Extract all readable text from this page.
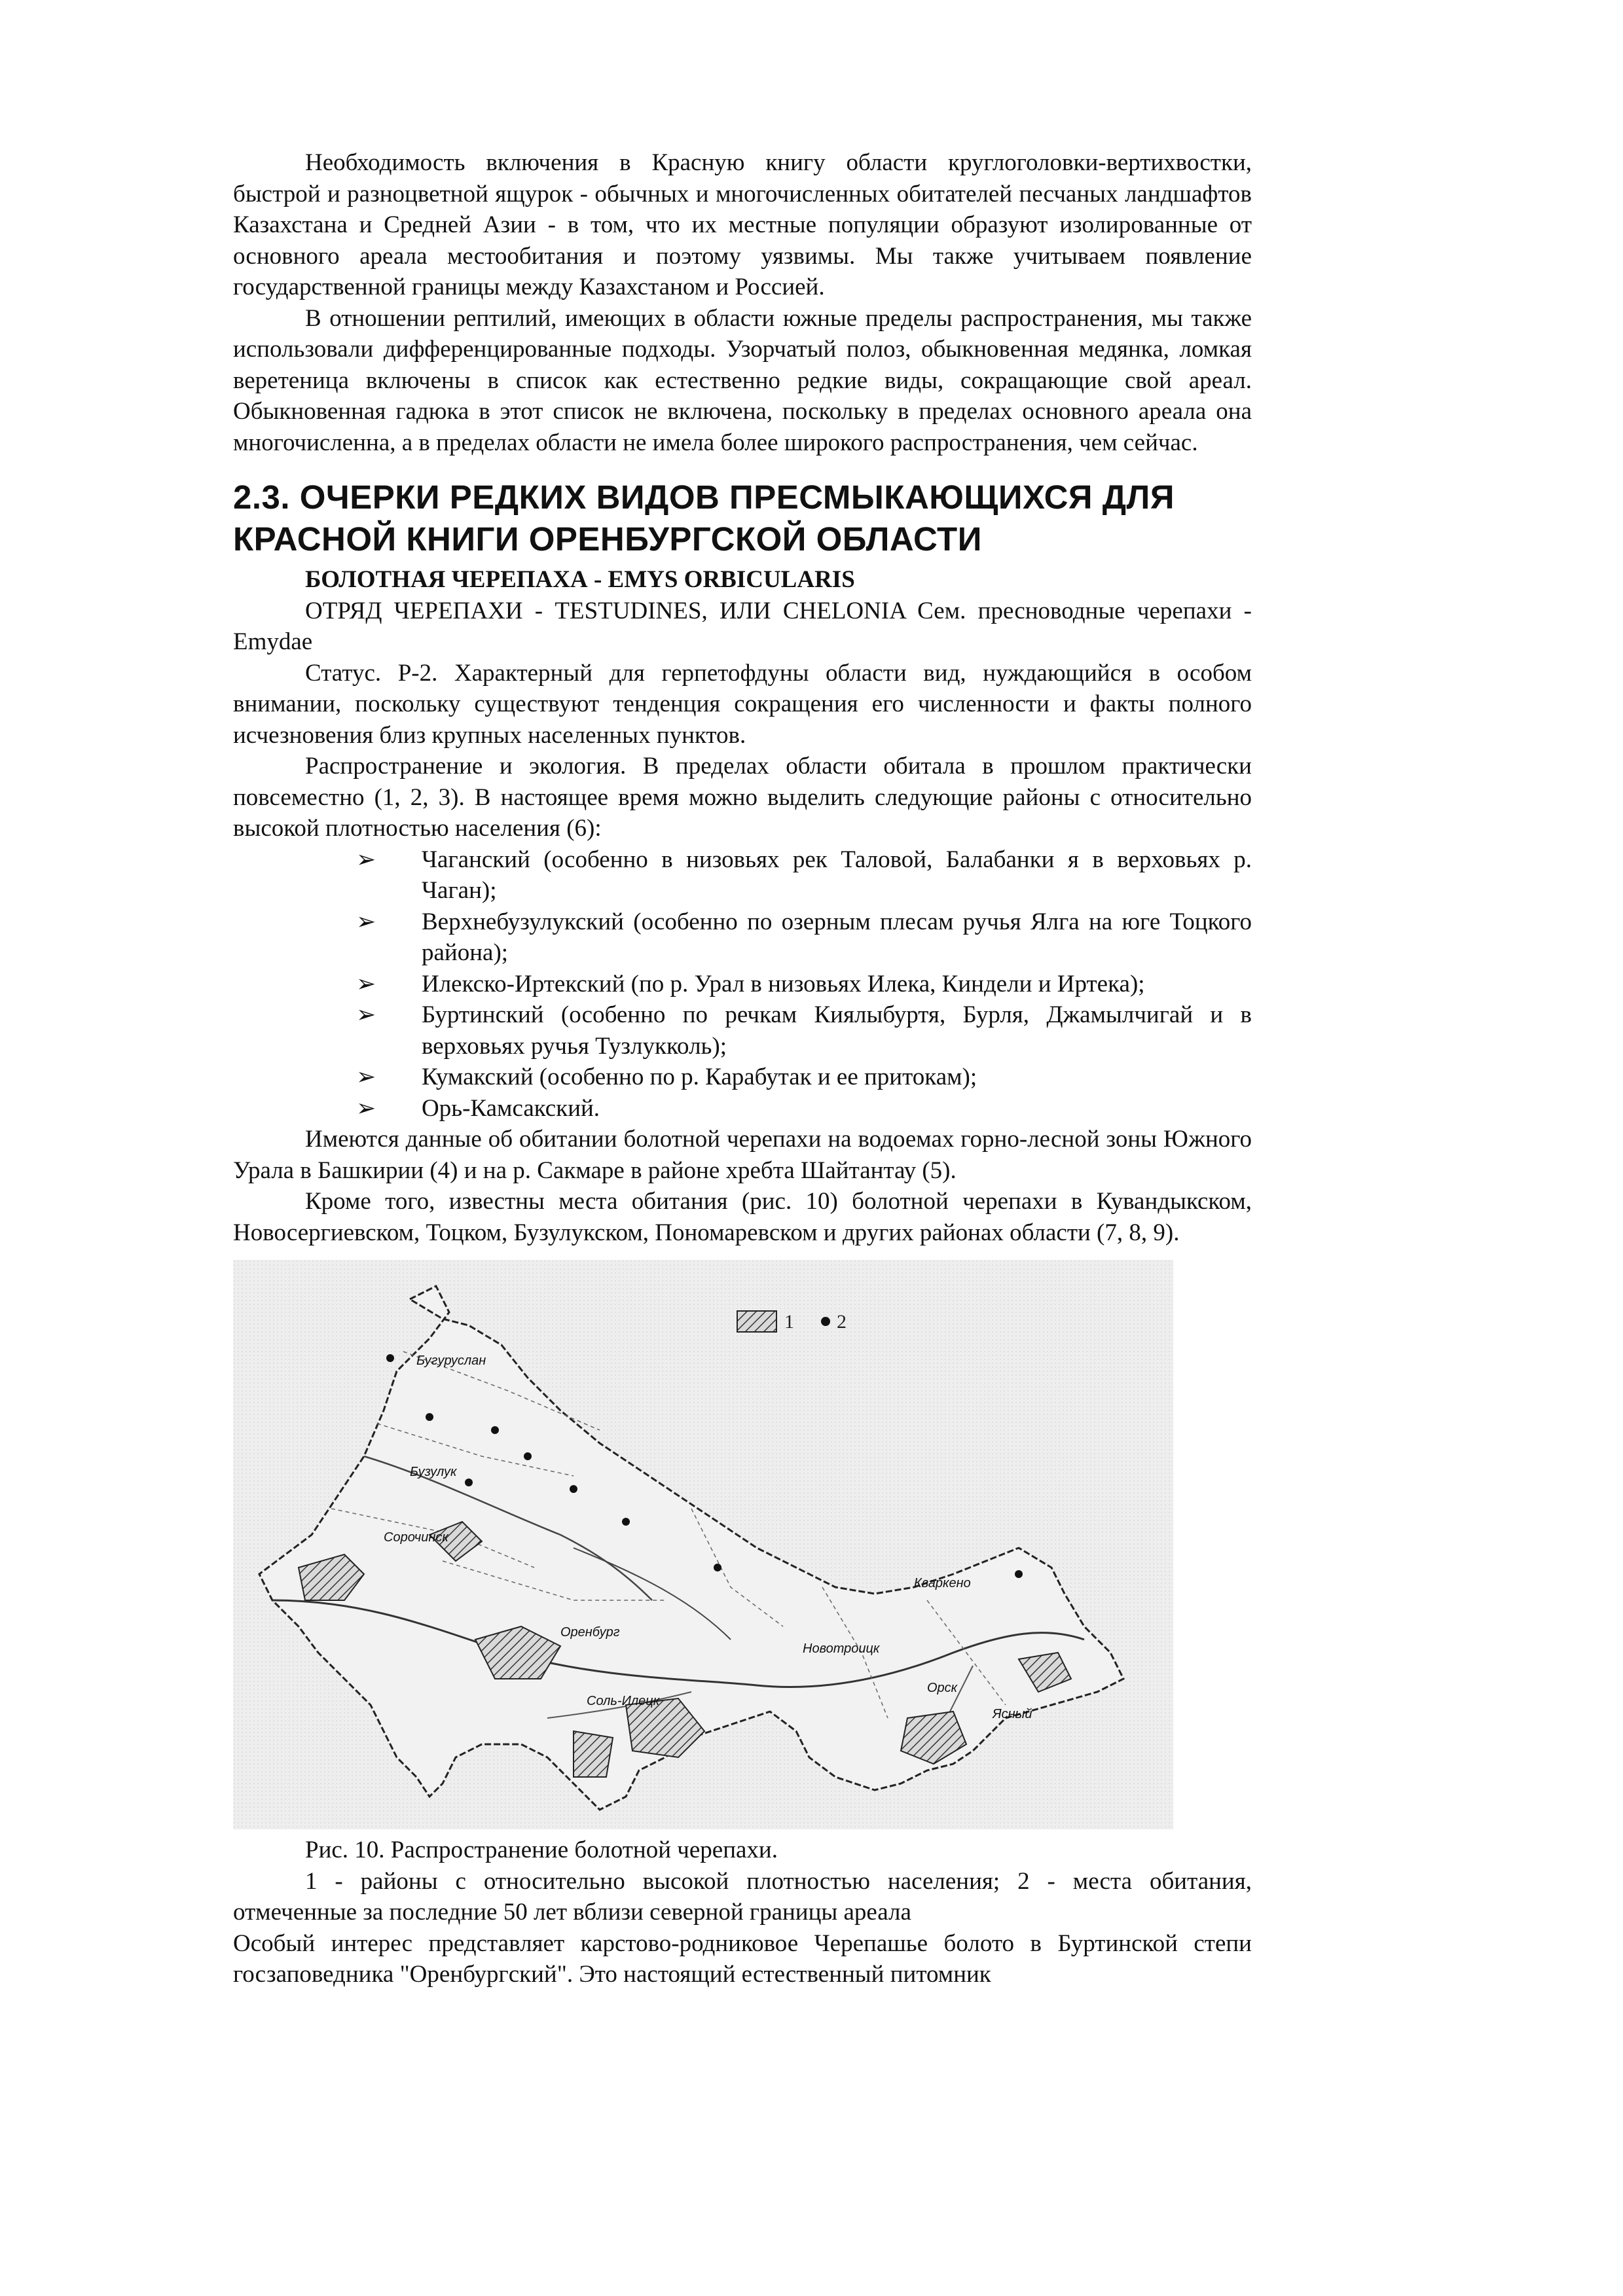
Необходимость включения в Красную книгу области круглоголовки-вертихвостки, быстрой и разноцветной ящурок - обычных и многочисленных обитателей песчаных ландшафтов Казахстана и Средней Азии - в том, что их местные популяции образуют изолированные от основного ареала местообитания и поэтому уязвимы. Мы также учитываем появление государственной границы между Казахстаном и Россией.

В отношении рептилий, имеющих в области южные пределы распространения, мы также использовали дифференцированные подходы. Узорчатый полоз, обыкновенная медянка, ломкая веретеница включены в список как естественно редкие виды, сокращающие свой ареал. Обыкновенная гадюка в этот список не включена, поскольку в пределах основного ареала она многочисленна, а в пределах области не имела более широкого распространения, чем сейчас.

2.3. ОЧЕРКИ РЕДКИХ ВИДОВ ПРЕСМЫКАЮЩИХСЯ ДЛЯ КРАСНОЙ КНИГИ ОРЕНБУРГСКОЙ ОБЛАСТИ

БОЛОТНАЯ ЧЕРЕПАХА - EMYS ORBICULARIS

ОТРЯД ЧЕРЕПАХИ - TESTUDINES, ИЛИ CHELONIA Сем. пресноводные черепахи - Emydae

Статус. Р-2. Характерный для герпетофдуны области вид, нуждающийся в особом внимании, поскольку существуют тенденция сокращения его численности и факты полного исчезновения близ крупных населенных пунктов.

Распространение и экология. В пределах области обитала в прошлом практически повсеместно (1, 2, 3). В настоящее время можно выделить следующие районы с относительно высокой плотностью населения (6):

➢ Чаганский (особенно в низовьях рек Таловой, Балабанки я в верховьях р. Чаган);
➢ Верхнебузулукский (особенно по озерным плесам ручья Ялга на юге Тоцкого района);
➢ Илекско-Иртекский (по р. Урал в низовьях Илека, Киндели и Иртека);
➢ Буртинский (особенно по речкам Киялыбуртя, Бурля, Джамылчигай и в верховьях ручья Тузлукколь);
➢ Кумакский (особенно по р. Карабутак и ее притокам);
➢ Орь-Камсакский.

Имеются данные об обитании болотной черепахи на водоемах горно-лесной зоны Южного Урала в Башкирии (4) и на р. Сакмаре в районе хребта Шайтантау (5).

Кроме того, известны места обитания (рис. 10) болотной черепахи в Кувандыкском, Новосергиевском, Тоцком, Бузулукском, Пономаревском и других районах области (7, 8, 9).

1 2
Бугуруслан
Бузулук
Сорочинск
Оренбург
Новотроицк
Кваркено
Соль-Илецк
Орск
Ясный

Рис. 10. Распространение болотной черепахи.

1 - районы с относительно высокой плотностью населения; 2 - места обитания, отмеченные за последние 50 лет вблизи северной границы ареала

Особый интерес представляет карстово-родниковое Черепашье болото в Буртинской степи госзаповедника "Оренбургский". Это настоящий естественный питомник
